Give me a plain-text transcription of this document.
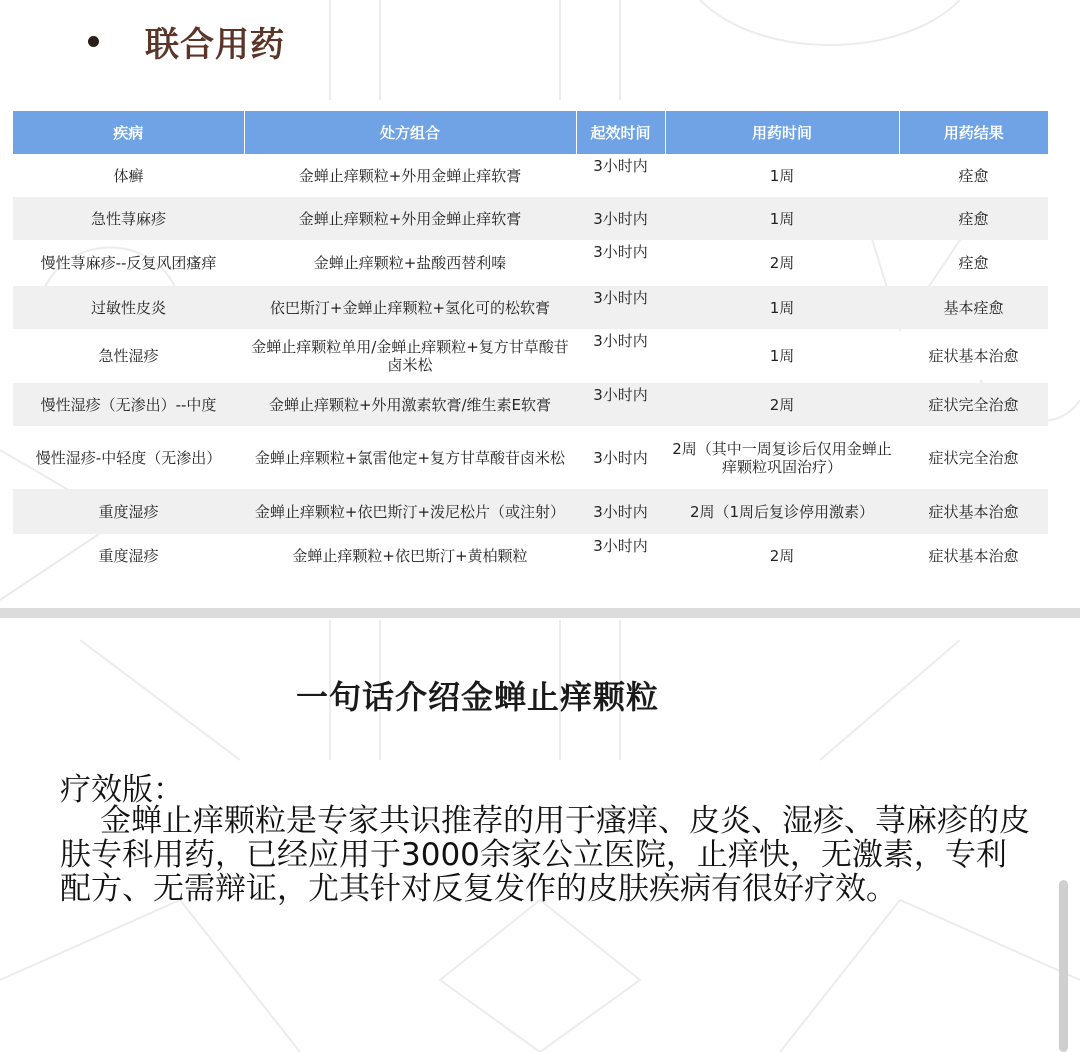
联合用药
疾病	处方组合	起效时间	用药时间	用药结果
体癣	金蝉止痒颗粒+外用金蝉止痒软膏	3小时内	1周	痊愈
急性荨麻疹	金蝉止痒颗粒+外用金蝉止痒软膏	3小时内	1周	痊愈
慢性荨麻疹--反复风团瘙痒	金蝉止痒颗粒+盐酸西替利嗪	3小时内	2周	痊愈
过敏性皮炎	依巴斯汀+金蝉止痒颗粒+氢化可的松软膏	3小时内	1周	基本痊愈
急性湿疹	金蝉止痒颗粒单用/金蝉止痒颗粒+复方甘草酸苷卤米松	3小时内	1周	症状基本治愈
慢性湿疹（无渗出）--中度	金蝉止痒颗粒+外用激素软膏/维生素E软膏	3小时内	2周	症状完全治愈
慢性湿疹-中轻度（无渗出）	金蝉止痒颗粒+氯雷他定+复方甘草酸苷卤米松	3小时内	2周（其中一周复诊后仅用金蝉止痒颗粒巩固治疗）	症状完全治愈
重度湿疹	金蝉止痒颗粒+依巴斯汀+泼尼松片（或注射）	3小时内	2周（1周后复诊停用激素）	症状基本治愈
重度湿疹	金蝉止痒颗粒+依巴斯汀+黄柏颗粒	3小时内	2周	症状基本治愈
一句话介绍金蝉止痒颗粒
疗效版：

金蝉止痒颗粒是专家共识推荐的用于瘙痒、皮炎、湿疹、荨麻疹的皮肤专科用药，已经应用于3000余家公立医院，止痒快，无激素，专利配方、无需辩证，尤其针对反复发作的皮肤疾病有很好疗效。
